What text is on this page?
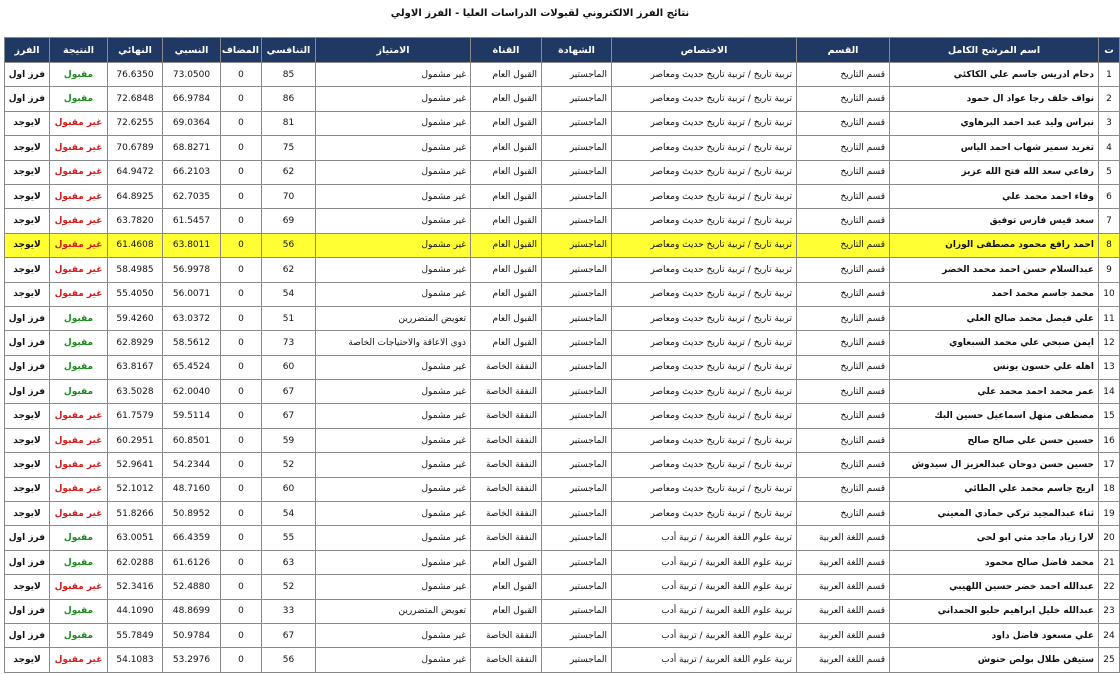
نتائج الفرز الالكتروني لقبولات الدراسات العليا - الفرز الاولي
ت	اسم المرشح الكامل	القسم	الاختصاص	الشهادة	القناة	الامتياز	التنافسي	المضاف	النسبي	النهائي	النتيجة	الفرز
1	دحام ادريس جاسم علي الكاكئي	قسم التاريخ	تربية تاريخ / تربية تاريخ حديث ومعاصر	الماجستير	القبول العام	غير مشمول	85	0	73.0500	76.6350	مقبول	فرز اول
2	نواف خلف رجا عواد ال حمود	قسم التاريخ	تربية تاريخ / تربية تاريخ حديث ومعاصر	الماجستير	القبول العام	غير مشمول	86	0	66.9784	72.6848	مقبول	فرز اول
3	نبراس وليد عبد احمد البرهاوي	قسم التاريخ	تربية تاريخ / تربية تاريخ حديث ومعاصر	الماجستير	القبول العام	غير مشمول	81	0	69.0364	72.6255	غير مقبول	لايوجد
4	تغريد سمير شهاب احمد الياس	قسم التاريخ	تربية تاريخ / تربية تاريخ حديث ومعاصر	الماجستير	القبول العام	غير مشمول	75	0	68.8271	70.6789	غير مقبول	لايوجد
5	رفاعي سعد الله فتح الله عزيز	قسم التاريخ	تربية تاريخ / تربية تاريخ حديث ومعاصر	الماجستير	القبول العام	غير مشمول	62	0	66.2103	64.9472	غير مقبول	لايوجد
6	وفاء احمد محمد علي	قسم التاريخ	تربية تاريخ / تربية تاريخ حديث ومعاصر	الماجستير	القبول العام	غير مشمول	70	0	62.7035	64.8925	غير مقبول	لايوجد
7	سعد قيس فارس توفيق	قسم التاريخ	تربية تاريخ / تربية تاريخ حديث ومعاصر	الماجستير	القبول العام	غير مشمول	69	0	61.5457	63.7820	غير مقبول	لايوجد
8	احمد رافع محمود مصطفى الوزان	قسم التاريخ	تربية تاريخ / تربية تاريخ حديث ومعاصر	الماجستير	القبول العام	غير مشمول	56	0	63.8011	61.4608	غير مقبول	لايوجد
9	عبدالسلام حسن احمد محمد الخضر	قسم التاريخ	تربية تاريخ / تربية تاريخ حديث ومعاصر	الماجستير	القبول العام	غير مشمول	62	0	56.9978	58.4985	غير مقبول	لايوجد
10	محمد جاسم محمد احمد	قسم التاريخ	تربية تاريخ / تربية تاريخ حديث ومعاصر	الماجستير	القبول العام	غير مشمول	54	0	56.0071	55.4050	غير مقبول	لايوجد
11	علي فيصل محمد صالح العلي	قسم التاريخ	تربية تاريخ / تربية تاريخ حديث ومعاصر	الماجستير	القبول العام	تعويض المتضررين	51	0	63.0372	59.4260	مقبول	فرز اول
12	ايمن صبحي علي محمد السبعاوي	قسم التاريخ	تربية تاريخ / تربية تاريخ حديث ومعاصر	الماجستير	القبول العام	ذوي الاعاقة والاحتياجات الخاصة	73	0	58.5612	62.8929	مقبول	فرز اول
13	اهله علي حسون يونس	قسم التاريخ	تربية تاريخ / تربية تاريخ حديث ومعاصر	الماجستير	النفقة الخاصة	غير مشمول	60	0	65.4524	63.8167	مقبول	فرز اول
14	عمر محمد احمد محمد علي	قسم التاريخ	تربية تاريخ / تربية تاريخ حديث ومعاصر	الماجستير	النفقة الخاصة	غير مشمول	67	0	62.0040	63.5028	مقبول	فرز اول
15	مصطفى منهل اسماعيل حسين البك	قسم التاريخ	تربية تاريخ / تربية تاريخ حديث ومعاصر	الماجستير	النفقة الخاصة	غير مشمول	67	0	59.5114	61.7579	غير مقبول	لايوجد
16	حسين حسن علي صالح صالح	قسم التاريخ	تربية تاريخ / تربية تاريخ حديث ومعاصر	الماجستير	النفقة الخاصة	غير مشمول	59	0	60.8501	60.2951	غير مقبول	لايوجد
17	حسين حسن دوحان عبدالعزيز ال سيدوش	قسم التاريخ	تربية تاريخ / تربية تاريخ حديث ومعاصر	الماجستير	النفقة الخاصة	غير مشمول	52	0	54.2344	52.9641	غير مقبول	لايوجد
18	اريج جاسم محمد علي الطائي	قسم التاريخ	تربية تاريخ / تربية تاريخ حديث ومعاصر	الماجستير	النفقة الخاصة	غير مشمول	60	0	48.7160	52.1012	غير مقبول	لايوجد
19	ثناء عبدالمجيد تركي حمادي المعيني	قسم التاريخ	تربية تاريخ / تربية تاريخ حديث ومعاصر	الماجستير	النفقة الخاصة	غير مشمول	54	0	50.8952	51.8266	غير مقبول	لايوجد
20	لارا زياد ماجد متي ابو لحي	قسم اللغة العربية	تربية علوم اللغة العربية / تربية أدب	الماجستير	النفقة الخاصة	غير مشمول	55	0	66.4359	63.0051	مقبول	فرز اول
21	محمد فاضل صالح محمود	قسم اللغة العربية	تربية علوم اللغة العربية / تربية أدب	الماجستير	القبول العام	غير مشمول	63	0	61.6126	62.0288	مقبول	فرز اول
22	عبدالله احمد خضر حسين اللهيبي	قسم اللغة العربية	تربية علوم اللغة العربية / تربية أدب	الماجستير	القبول العام	غير مشمول	52	0	52.4880	52.3416	غير مقبول	لايوجد
23	عبدالله خليل ابراهيم حليو الحمداني	قسم اللغة العربية	تربية علوم اللغة العربية / تربية أدب	الماجستير	القبول العام	تعويض المتضررين	33	0	48.8699	44.1090	مقبول	فرز اول
24	علي مسعود فاضل داود	قسم اللغة العربية	تربية علوم اللغة العربية / تربية أدب	الماجستير	النفقة الخاصة	غير مشمول	67	0	50.9784	55.7849	مقبول	فرز اول
25	ستيفن طلال بولص حنوش	قسم اللغة العربية	تربية علوم اللغة العربية / تربية أدب	الماجستير	النفقة الخاصة	غير مشمول	56	0	53.2976	54.1083	غير مقبول	لايوجد
